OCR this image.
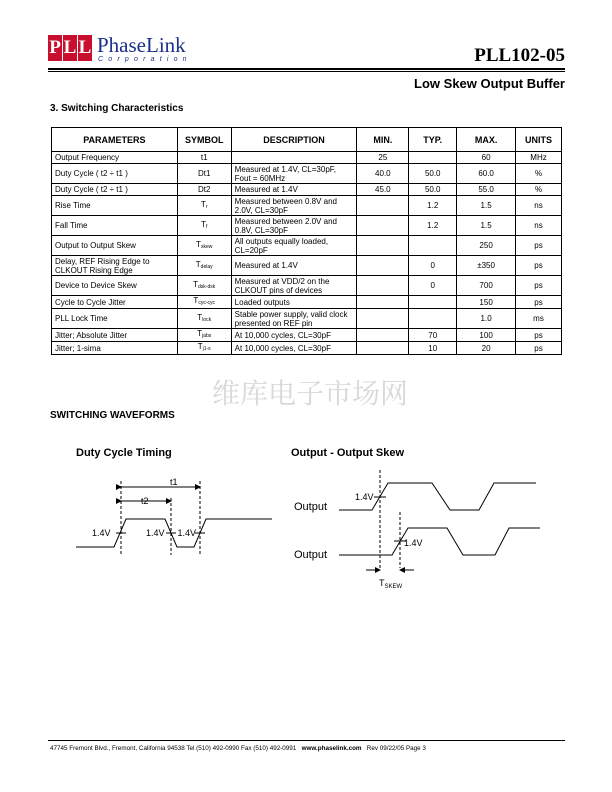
P L L PhaseLink
Corporation	PLL102-05
Low Skew Output Buffer
3. Switching Characteristics
PARAMETERS	SYMBOL	DESCRIPTION	MIN.	TYP.	MAX.	UNITS
Output Frequency	t1		25		60	MHz
Duty Cycle ( t2 ÷ t1 )	Dt1	Measured at 1.4V, CL=30pF, Fout = 60MHz	40.0	50.0	60.0	%
Duty Cycle ( t2 ÷ t1 )	Dt2	Measured at 1.4V	45.0	50.0	55.0	%
Rise Time	$T_r$	Measured between 0.8V and 2.0V, CL=30pF		1.2	1.5	ns
Fall Time	$T_f$	Measured between 2.0V and 0.8V, CL=30pF		1.2	1.5	ns
Output to Output Skew	$T_{skew}$	All outputs equally loaded, CL=20pF			250	ps
Delay, REF Rising Edge to CLKOUT Rising Edge	$T_{delay}$	Measured at 1.4V		0	±350	ps
Device to Device Skew	$T_{dsk-dsk}$	Measured at VDD/2 on the CLKOUT pins of devices		0	700	ps
Cycle to Cycle Jitter	$T_{cyc-cyc}$	Loaded outputs			150	ps
PLL Lock Time	$T_{lock}$	Stable power supply, valid clock presented on REF pin			1.0	ms
Jitter; Absolute Jitter	$T_{jabs}$	At 10,000 cycles, CL=30pF		70	100	ps
Jitter; 1-sima	$T_{j1-s}$	At 10,000 cycles, CL=30pF		10	20	ps
SWITCHING WAVEFORMS
维库电子市场网
Duty Cycle Timing
t1
t2
1.4V	1.4V 1.4V
Output - Output Skew
Output
Output
1.4V
1.4V
$T_{SKEW}$
47745 Fremont Blvd., Fremont, California 94538 Tel (510) 492-0990 Fax (510) 492-0991 www.phaselink.com Rev 09/22/05 Page 3
